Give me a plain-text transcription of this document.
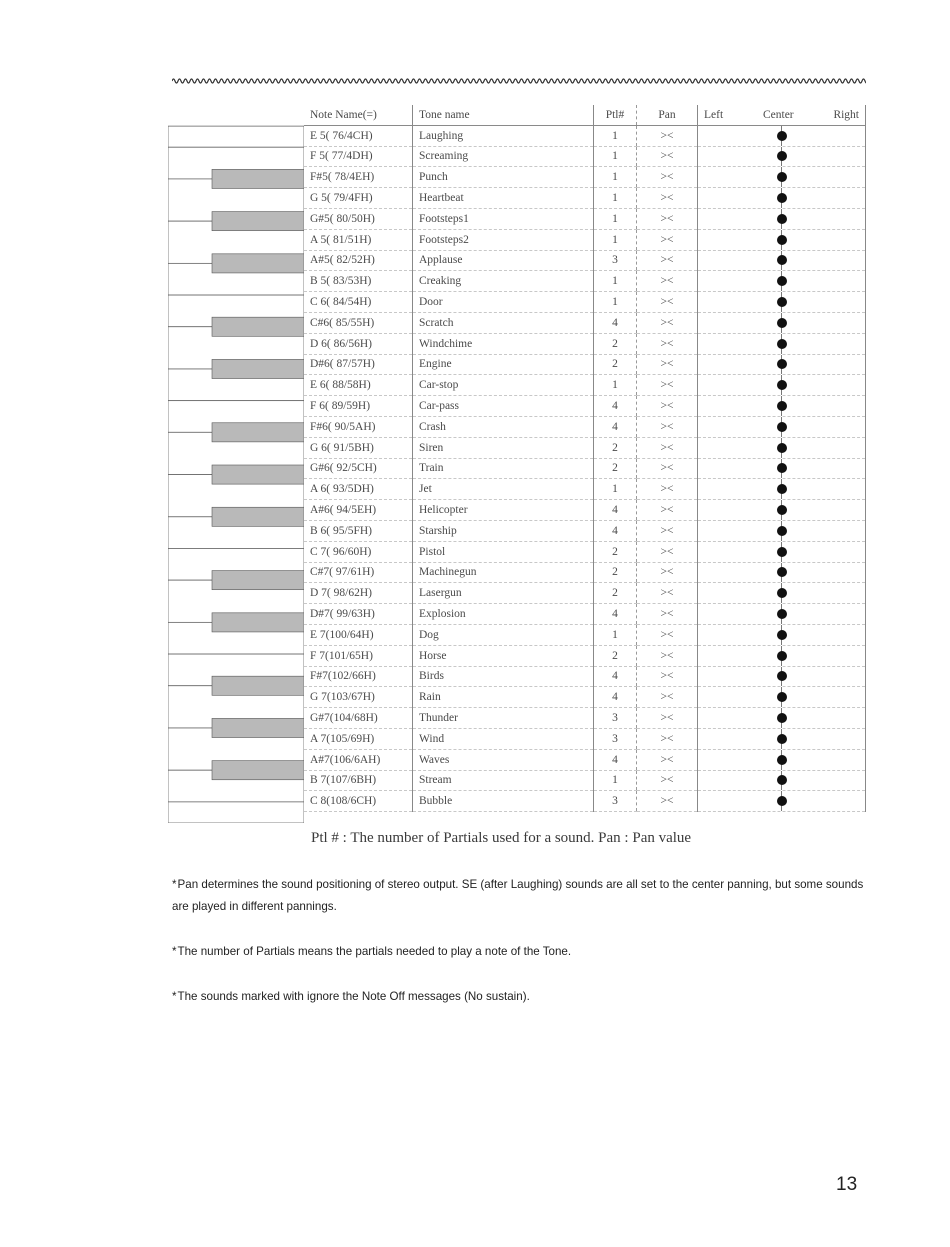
Note Name(=)	Tone name	Ptl#	Pan	Left Center Right

E 5( 76/4CH)	Laughing	1	><	

F 5( 77/4DH)	Screaming	1	><	

F#5( 78/4EH)	Punch	1	><	

G 5( 79/4FH)	Heartbeat	1	><	

G#5( 80/50H)	Footsteps1	1	><	

A 5( 81/51H)	Footsteps2	1	><	

A#5( 82/52H)	Applause	3	><	

B 5( 83/53H)	Creaking	1	><	

C 6( 84/54H)	Door	1	><	

C#6( 85/55H)	Scratch	4	><	

D 6( 86/56H)	Windchime	2	><	

D#6( 87/57H)	Engine	2	><	

E 6( 88/58H)	Car-stop	1	><	

F 6( 89/59H)	Car-pass	4	><	

F#6( 90/5AH)	Crash	4	><	

G 6( 91/5BH)	Siren	2	><	

G#6( 92/5CH)	Train	2	><	

A 6( 93/5DH)	Jet	1	><	

A#6( 94/5EH)	Helicopter	4	><	

B 6( 95/5FH)	Starship	4	><	

C 7( 96/60H)	Pistol	2	><	

C#7( 97/61H)	Machinegun	2	><	

D 7( 98/62H)	Lasergun	2	><	

D#7( 99/63H)	Explosion	4	><	

E 7(100/64H)	Dog	1	><	

F 7(101/65H)	Horse	2	><	

F#7(102/66H)	Birds	4	><	

G 7(103/67H)	Rain	4	><	

G#7(104/68H)	Thunder	3	><	

A 7(105/69H)	Wind	3	><	

A#7(106/6AH)	Waves	4	><	

B 7(107/6BH)	Stream	1	><	

C 8(108/6CH)	Bubble	3	><	
Ptl # : The number of Partials used for a sound. Pan : Pan value
*Pan determines the sound positioning of stereo output. SE (after Laughing) sounds are all set to the center panning, but some sounds are played in different pannings.
*The number of Partials means the partials needed to play a note of the Tone.
*The sounds marked with ignore the Note Off messages (No sustain).
13
